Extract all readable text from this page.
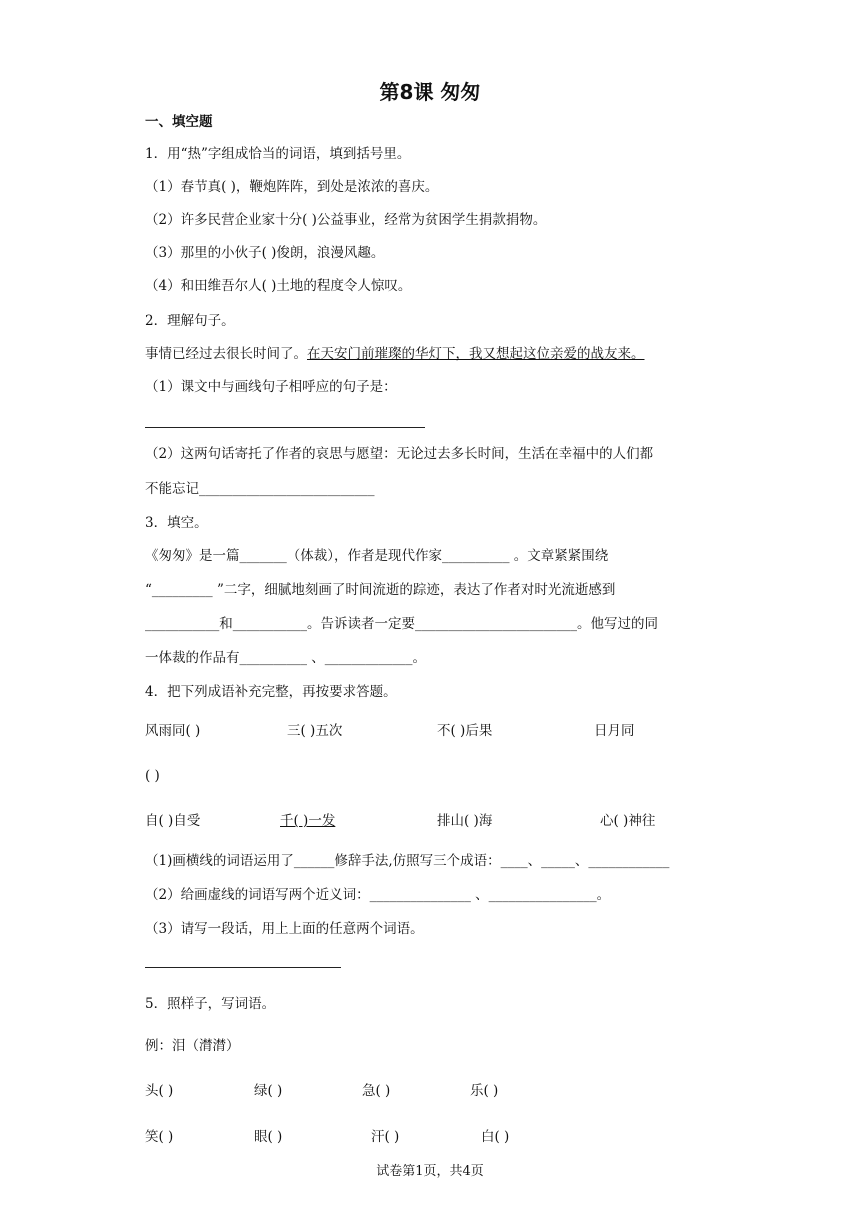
第8课 匆匆
一、填空题
1．用“热”字组成恰当的词语，填到括号里。
（1）春节真( )，鞭炮阵阵，到处是浓浓的喜庆。
（2）许多民营企业家十分( )公益事业，经常为贫困学生捐款捐物。
（3）那里的小伙子( )俊朗，浪漫风趣。
（4）和田维吾尔人( )土地的程度令人惊叹。
2．理解句子。
事情已经过去很长时间了。在天安门前璀璨的华灯下，我又想起这位亲爱的战友来。
（1）课文中与画线句子相呼应的句子是：
（2）这两句话寄托了作者的哀思与愿望：无论过去多长时间，生活在幸福中的人们都
不能忘记__________________________
3．填空。
《匆匆》是一篇_______（体裁），作者是现代作家__________ 。文章紧紧围绕
“_________ ”二字，细腻地刻画了时间流逝的踪迹，表达了作者对时光流逝感到
___________和___________。告诉读者一定要________________________。他写过的同
一体裁的作品有__________ 、_____________。
4．把下列成语补充完整，再按要求答题。
风雨同( )	三( )五次	不( )后果	日月同
( )
自( )自受	千( )一发	排山( )海	心( )神往
（1)画横线的词语运用了______修辞手法,仿照写三个成语：____、_____、____________
（2）给画虚线的词语写两个近义词：_______________ 、________________。
（3）请写一段话，用上上面的任意两个词语。
5．照样子，写词语。
例：泪（潸潸）
头( )	绿( )	急( )	乐( )
笑( )	眼( )	汗( )	白( )
试卷第1页，共4页
